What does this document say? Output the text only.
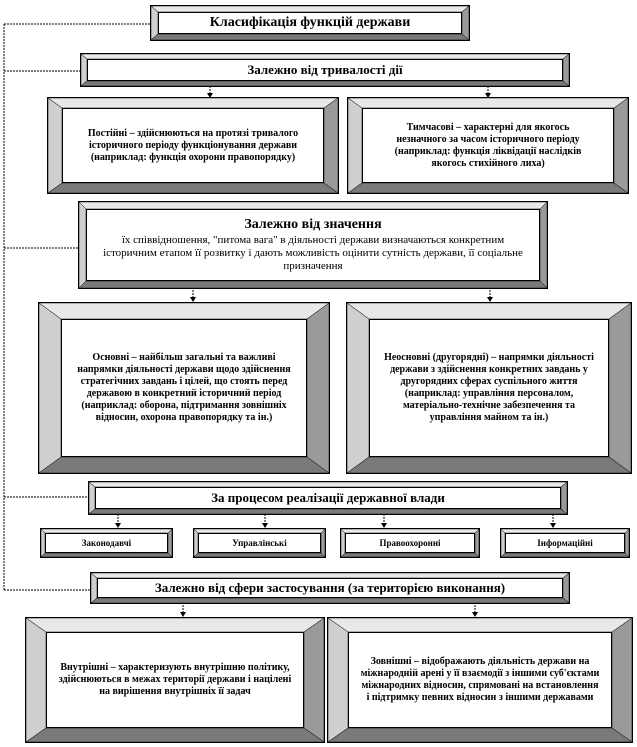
Класифікація функцій держави
Залежно від тривалості дії
Постійні – здійснюються на протязі тривалого історичного періоду функціонування держави (наприклад: функція охорони правопорядку)
Тимчасові – характерні для якогось незначного за часом історичного періоду (наприклад: функція ліквідації наслідків якогось стихійного лиха)
Залежно від значення
їх співвідношення, "питома вага" в діяльності держави визначаються конкретним історичним етапом її розвитку і дають можливість оцінити сутність держави, її соціальне призначення
Основні – найбільш загальні та важливі напрямки діяльності держави щодо здійснення стратегічних завдань і цілей, що стоять перед державою в конкретний історичний період (наприклад: оборона, підтримання зовнішніх відносин, охорона правопорядку та ін.)
Неосновні (другорядні) – напрямки діяльності держави з здійснення конкретних завдань у другорядних сферах суспільного життя (наприклад: управління персоналом, матеріально-технічне забезпечення та управління майном та ін.)
За процесом реалізації державної влади
Законодавчі	Управлінські	Правоохоронні	Інформаційні
Залежно від сфери застосування (за територією виконання)
Внутрішні – характеризують внутрішню політику, здійснюються в межах території держави і націлені на вирішення внутрішніх її задач
Зовнішні – відображають діяльність держави на міжнародній арені у її взаємодії з іншими суб'єктами міжнародних відносин, спрямовані на встановлення і підтримку певних відносин з іншими державами
